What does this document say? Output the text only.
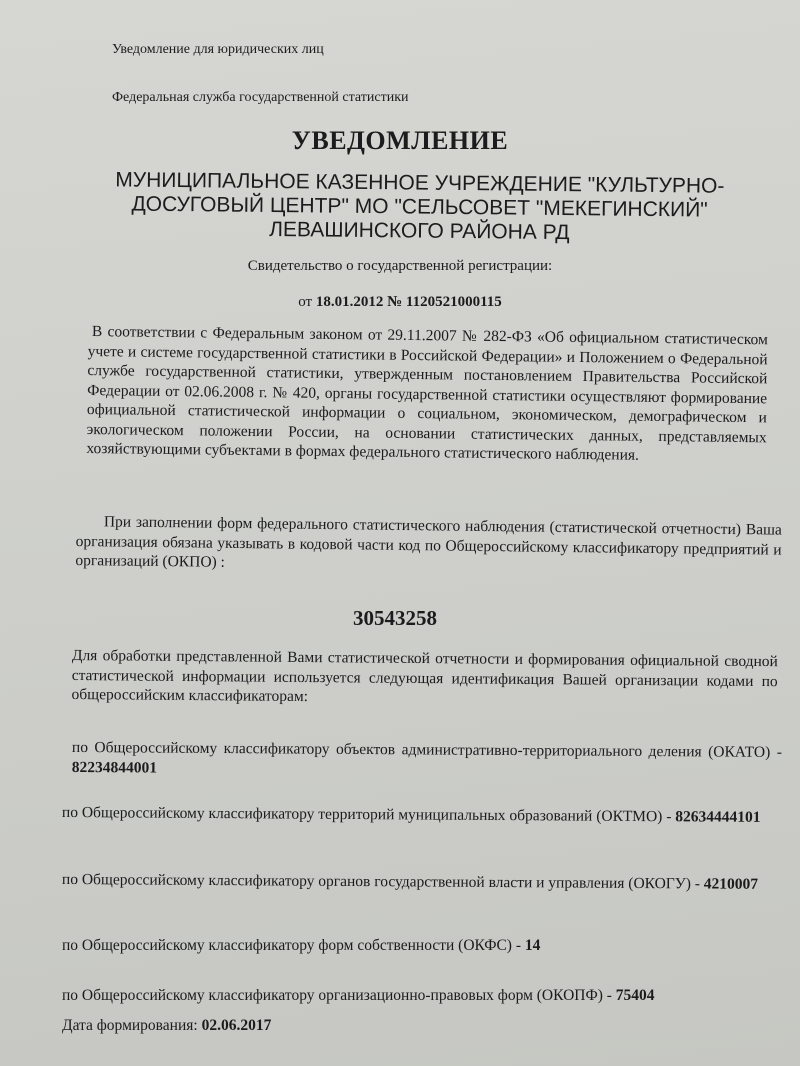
Уведомление для юридических лиц
Федеральная служба государственной статистики
УВЕДОМЛЕНИЕ
МУНИЦИПАЛЬНОЕ КАЗЕННОЕ УЧРЕЖДЕНИЕ "КУЛЬТУРНО-
ДОСУГОВЫЙ ЦЕНТР" МО "СЕЛЬСОВЕТ "МЕКЕГИНСКИЙ"
ЛЕВАШИНСКОГО РАЙОНА РД
Свидетельство о государственной регистрации:
от 18.01.2012 № 1120521000115

В соответствии с Федеральным законом от 29.11.2007 № 282-ФЗ «Об официальном статистическом учете и системе государственной статистики в Российской Федерации» и Положением о Федеральной службе государственной статистики, утвержденным постановлением Правительства Российской Федерации от 02.06.2008 г. № 420, органы государственной статистики осуществляют формирование официальной статистической информации о социальном, экономическом, демографическом и экологическом положении России, на основании статистических данных, представляемых хозяйствующими субъектами в формах федерального статистического наблюдения.

При заполнении форм федерального статистического наблюдения (статистической отчетности) Ваша организация обязана указывать в кодовой части код по Общероссийскому классификатору предприятий и организаций (ОКПО) :

30543258

Для обработки представленной Вами статистической отчетности и формирования официальной сводной статистической информации используется следующая идентификация Вашей организации кодами по общероссийским классификаторам:

по Общероссийскому классификатору объектов административно-территориального деления (ОКАТО) - 82234844001
по Общероссийскому классификатору территорий муниципальных образований (ОКТМО) - 82634444101
по Общероссийскому классификатору органов государственной власти и управления (ОКОГУ) - 4210007
по Общероссийскому классификатору форм собственности (ОКФС) - 14
по Общероссийскому классификатору организационно-правовых форм (ОКОПФ) - 75404
Дата формирования: 02.06.2017
